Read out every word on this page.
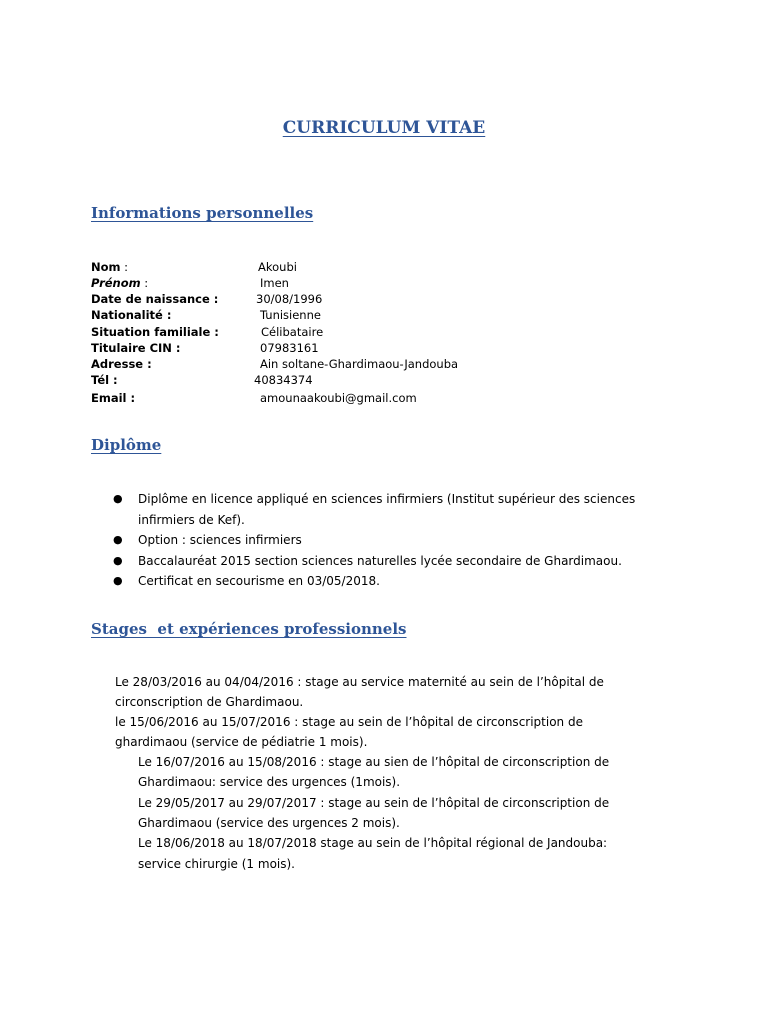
CURRICULUM VITAE
Informations personnelles
Nom :	Akoubi
Prénom :	Imen
Date de naissance :	30/08/1996
Nationalité :	Tunisienne
Situation familiale :	Célibataire
Titulaire CIN :	07983161
Adresse :	Ain soltane-Ghardimaou-Jandouba
Tél :	40834374
Email :	amounaakoubi@gmail.com
Diplôme
● Diplôme en licence appliqué en sciences infirmiers (Institut supérieur des sciences infirmiers de Kef).
● Option : sciences infirmiers
● Baccalauréat 2015 section sciences naturelles lycée secondaire de Ghardimaou.
● Certificat en secourisme en 03/05/2018.
Stages  et expériences professionnels
Le 28/03/2016 au 04/04/2016 : stage au service maternité au sein de l’hôpital de
circonscription de Ghardimaou.
le 15/06/2016 au 15/07/2016 : stage au sein de l’hôpital de circonscription de
ghardimaou (service de pédiatrie 1 mois).
Le 16/07/2016 au 15/08/2016 : stage au sien de l’hôpital de circonscription de
Ghardimaou: service des urgences (1mois).
Le 29/05/2017 au 29/07/2017 : stage au sein de l’hôpital de circonscription de
Ghardimaou (service des urgences 2 mois).
Le 18/06/2018 au 18/07/2018 stage au sein de l’hôpital régional de Jandouba:
service chirurgie (1 mois).
